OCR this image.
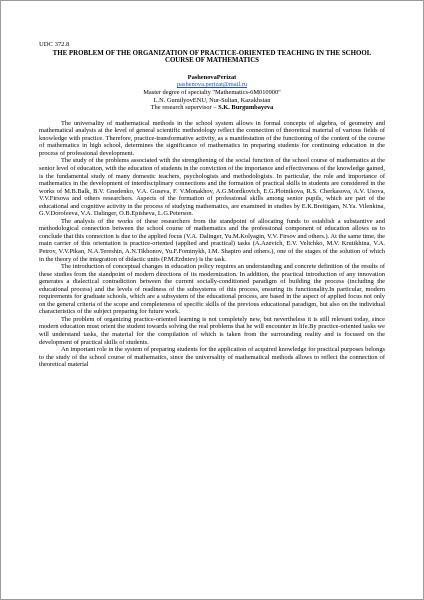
UDC 372.8
THE PROBLEM OF THE ORGANIZATION OF PRACTICE-ORIENTED TEACHING IN THE SCHOOL COURSE OF MATHEMATICS
PashenovaPerizat
pashenova.perizat@mail.ru
Master degree of specialty "Mathematics-6M010900"
L.N. GumilyovENU, Nur-Sultan, Kazakhstan
The research supervisor – S.K. Burgumbayeva

The universality of mathematical methods in the school system allows in formal concepts of algebra, of geometry and mathematical analysis at the level of general scientific methodology reflect the connection of theoretical material of various fields of knowledge with practice. Therefore, practice-transformative activity, as a manifestation of the functioning of the content of the course of mathematics in high school, determines the significance of mathematics in preparing students for continuing education in the process of professional development.

The study of the problems associated with the strengthening of the social function of the school course of mathematics at the senior level of education, with the education of students in the conviction of the importance and effectiveness of the knowledge gained, is the fundamental study of many domestic teachers, psychologists and methodologists. In particular, the role and importance of mathematics in the development of interdisciplinary connections and the formation of practical skills in students are considered in the works of M.B.Balk, B.V. Gnedenko, V.A. Guseva, F. V.Monakhov, A.G.Mordkovich, E.G.Plotnikova, R.S. Cherkasova, A.V. Usova, V.V.Firsova and others researchers. Aspects of the formation of professional skills among senior pupils, which are part of the educational and cognitive activity in the process of studying mathematics, are examined in studies by E.K.Breitigam, N.Ya. Vilenkina, G.V.Dorofeeva, V.A. Dalinger, O.B.Episheva, L.G.Peterson.

The analysis of the works of these researchers from the standpoint of allocating funds to establish a substantive and methodological connection between the school course of mathematics and the professional component of education allows us to conclude that this connection is due to the applied focus (V.A. Dalinger, Yu.M.Kolyagin, V.V. Firsov and others.). At the same time, the main carrier of this orientation is practice-oriented (applied and practical) tasks (A.Azevich, E.V. Velichko, M.V. Krutikhina, V.A. Petrov, V.V.Pikan, N.A.Tereshin, A.N.Tikhonov, Yu.F.Fominykh, I.M. Shapiro and others.), one of the stages of the solution of which in the theory of the integration of didactic units (P.M.Erdniev) is the task.

The introduction of conceptual changes in education policy requires an understanding and concrete definition of the results of these studies from the standpoint of modern directions of its modernization. In addition, the practical introduction of any innovation generates a dialectical contradiction between the current socially-conditioned paradigm of building the process (including the educational process) and the levels of readiness of the subsystems of this process, ensuring its functionality.In particular, modern requirements for graduate schools, which are a subsystem of the educational process, are based in the aspect of applied focus not only on the general criteria of the scope and completeness of specific skills of the previous educational paradigm, but also on the individual characteristics of the subject preparing for future work.

The problem of organizing practice-oriented learning is not completely new, but nevertheless it is still relevant today, since modern education must orient the student towards solving the real problems that he will encounter in life.By practice-oriented tasks we will understand tasks, the material for the compilation of which is taken from the surrounding reality and is focused on the development of practical skills of students.

An important role in the system of preparing students for the application of acquired knowledge for practical purposes belongs to the study of the school course of mathematics, since the universality of mathematical methods allows to reflect the connection of theoretical material
